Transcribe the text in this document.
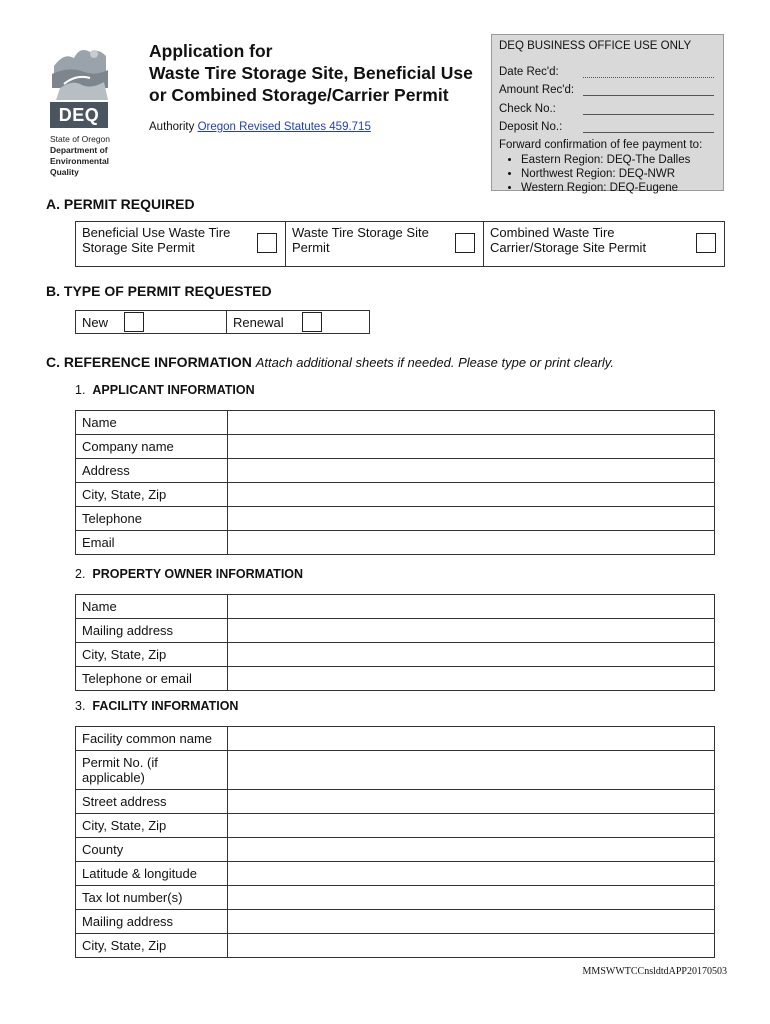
DEQ
State of Oregon
Department of
Environmental
Quality
Application for
Waste Tire Storage Site, Beneficial Use
or Combined Storage/Carrier Permit
Authority Oregon Revised Statutes 459.715
DEQ BUSINESS OFFICE USE ONLY
Date Rec'd:
Amount Rec'd:
Check No.:
Deposit No.:
Forward confirmation of fee payment to:
• Eastern Region: DEQ-The Dalles
• Northwest Region: DEQ-NWR
• Western Region: DEQ-Eugene
A. PERMIT REQUIRED
Beneficial Use Waste Tire
Storage Site Permit

Waste Tire Storage Site
Permit

Combined Waste Tire
Carrier/Storage Site Permit
B. TYPE OF PERMIT REQUESTED
New	Renewal
C. REFERENCE INFORMATION Attach additional sheets if needed. Please type or print clearly.
1. APPLICANT INFORMATION
Name	
Company name	
Address	
City, State, Zip	
Telephone	
Email	
2. PROPERTY OWNER INFORMATION
Name	
Mailing address	
City, State, Zip	
Telephone or email	
3. FACILITY INFORMATION
Facility common name	
Permit No. (if applicable)	
Street address	
City, State, Zip	
County	
Latitude & longitude	
Tax lot number(s)	
Mailing address	
City, State, Zip	
MMSWWTCCnsldtdAPP20170503
